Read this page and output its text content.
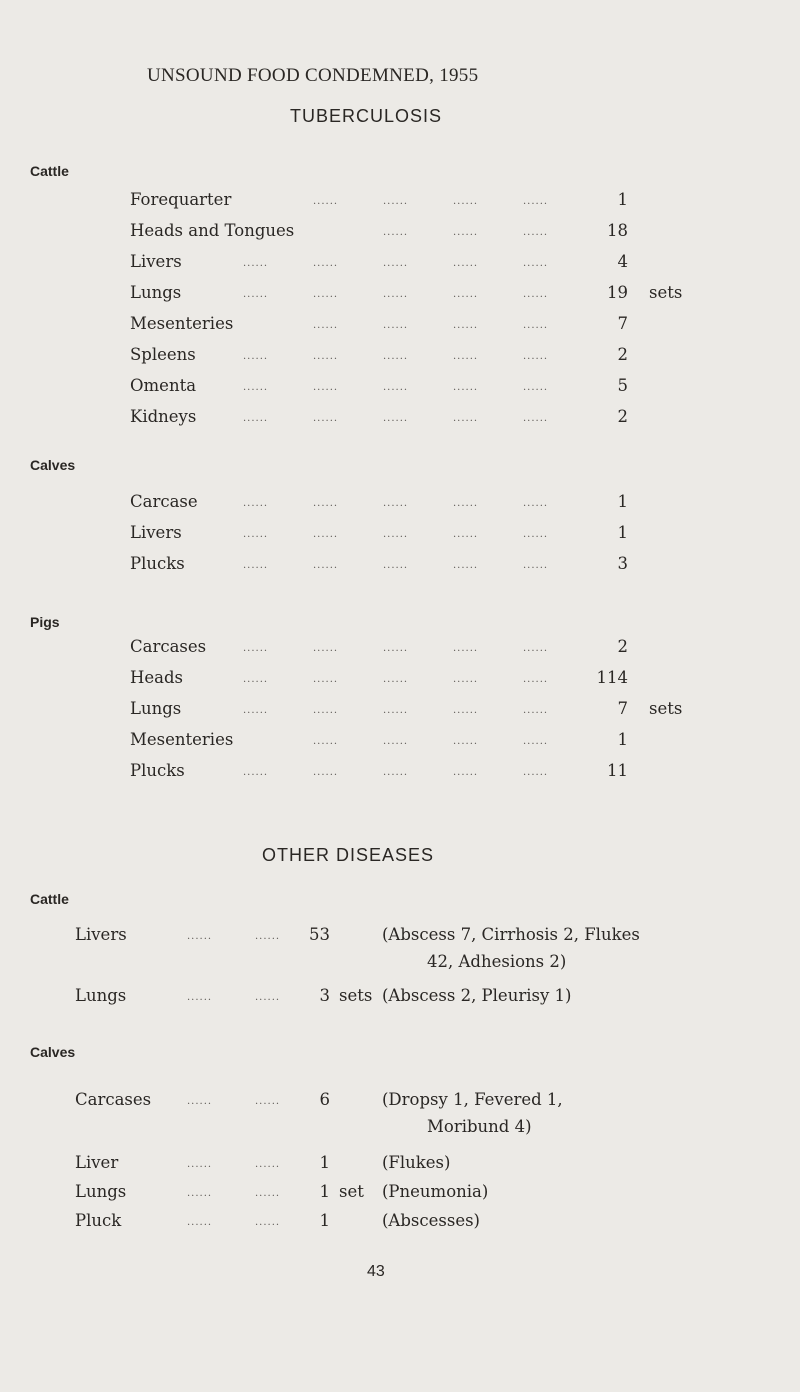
UNSOUND FOOD CONDEMNED, 1955
TUBERCULOSIS
Cattle
Forequarter	......	......	......	......	1
Heads and Tongues	......	......	......	18
Livers	......	......	......	......	......	4
Lungs	......	......	......	......	......	19 sets
Mesenteries	......	......	......	......	7
Spleens	......	......	......	......	......	2
Omenta	......	......	......	......	......	5
Kidneys	......	......	......	......	......	2
Calves
Carcase	......	......	......	......	......	1
Livers	......	......	......	......	......	1
Plucks	......	......	......	......	......	3
Pigs
Carcases	......	......	......	......	......	2
Heads	......	......	......	......	......	114
Lungs	......	......	......	......	......	7 sets
Mesenteries	......	......	......	......	1
Plucks	......	......	......	......	......	11
OTHER DISEASES
Cattle
Livers	......	......	53	(Abscess 7, Cirrhosis 2, Flukes
42, Adhesions 2)
Lungs	......	......	3 sets (Abscess 2, Pleurisy 1)
Calves
Carcases	......	......	6	(Dropsy 1, Fevered 1,
Moribund 4)
Liver	......	......	1	(Flukes)
Lungs	......	......	1 set (Pneumonia)
Pluck	......	......	1	(Abscesses)
43
